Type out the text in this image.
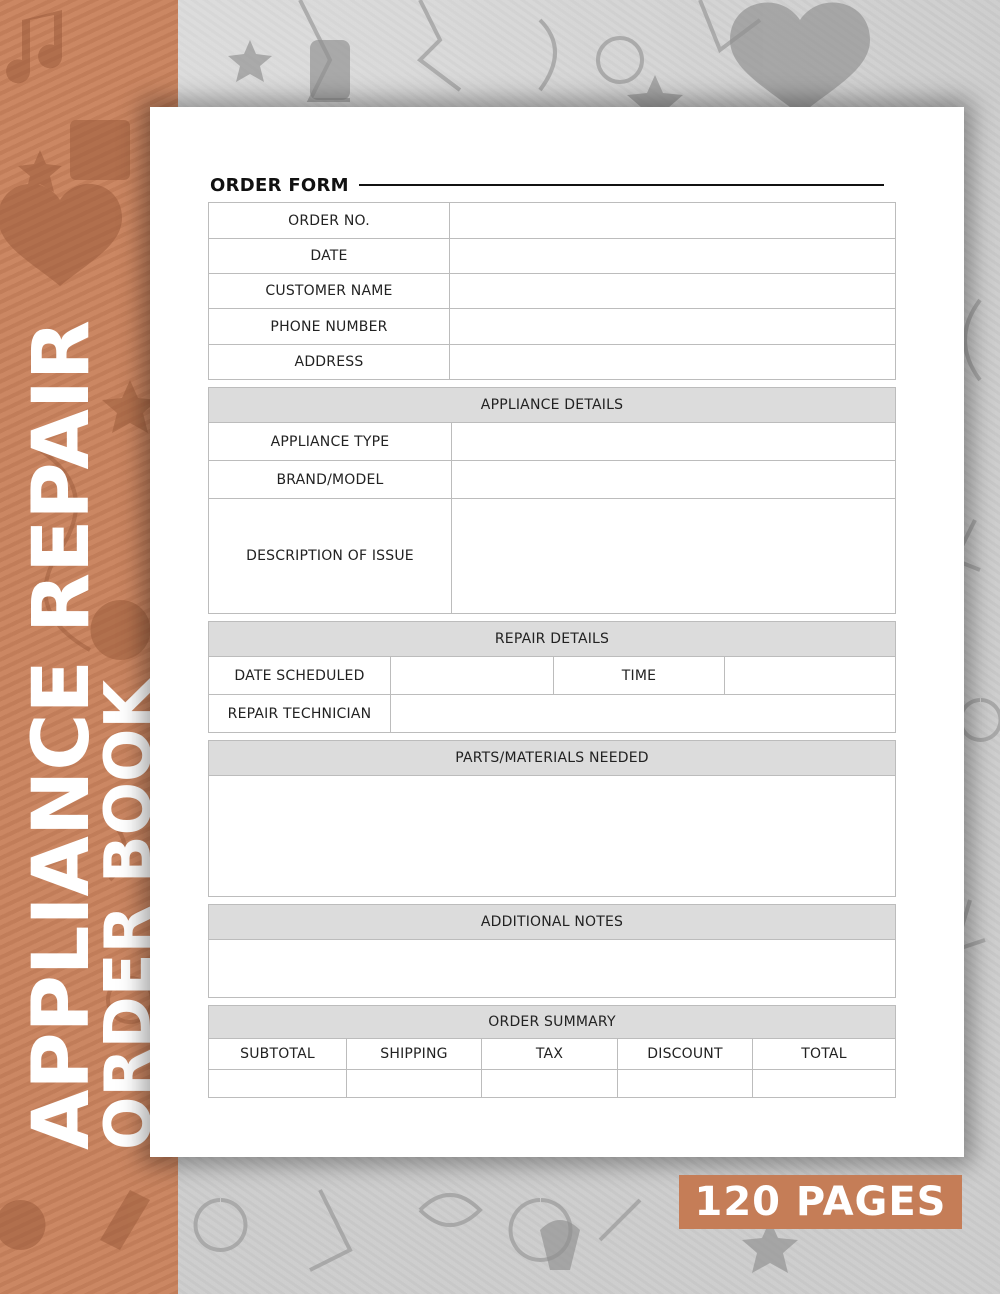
APPLIANCE REPAIR
ORDER BOOK
ORDER FORM
ORDER NO.
DATE
CUSTOMER NAME
PHONE NUMBER
ADDRESS
APPLIANCE DETAILS
APPLIANCE TYPE
BRAND/MODEL
DESCRIPTION OF ISSUE
REPAIR DETAILS
DATE SCHEDULED	TIME
REPAIR TECHNICIAN
PARTS/MATERIALS NEEDED
ADDITIONAL NOTES
ORDER SUMMARY
SUBTOTAL	SHIPPING	TAX	DISCOUNT	TOTAL
120 PAGES
